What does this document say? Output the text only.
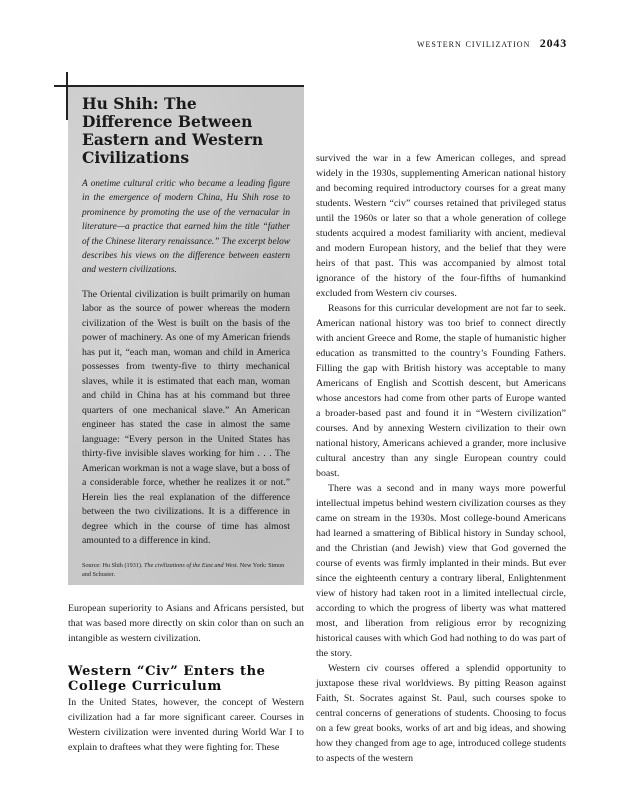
western civilization 2043
Hu Shih: The Difference Between Eastern and Western Civilizations

A onetime cultural critic who became a leading figure in the emergence of modern China, Hu Shih rose to prominence by promoting the use of the vernacular in literature—a practice that earned him the title “father of the Chinese literary renaissance.” The excerpt below describes his views on the difference between eastern and western civilizations.

The Oriental civilization is built primarily on human labor as the source of power whereas the modern civilization of the West is built on the basis of the power of machinery. As one of my American friends has put it, “each man, woman and child in America possesses from twenty-five to thirty mechanical slaves, while it is estimated that each man, woman and child in China has at his command but three quarters of one mechanical slave.” An American engineer has stated the case in almost the same language: “Every person in the United States has thirty-five invisible slaves working for him . . . The American workman is not a wage slave, but a boss of a considerable force, whether he realizes it or not.” Herein lies the real explanation of the difference between the two civilizations. It is a difference in degree which in the course of time has almost amounted to a difference in kind.

Source: Hu Shih (1931). The civilizations of the East and West. New York: Simon and Schuster.

European superiority to Asians and Africans persisted, but that was based more directly on skin color than on such an intangible as western civilization.

Western “Civ” Enters the College Curriculum

In the United States, however, the concept of Western civilization had a far more significant career. Courses in Western civilization were invented during World War I to explain to draftees what they were fighting for. These

survived the war in a few American colleges, and spread widely in the 1930s, supplementing American national history and becoming required introductory courses for a great many students. Western “civ” courses retained that privileged status until the 1960s or later so that a whole generation of college students acquired a modest familiarity with ancient, medieval and modern European history, and the belief that they were heirs of that past. This was accompanied by almost total ignorance of the history of the four-fifths of humankind excluded from Western civ courses.

Reasons for this curricular development are not far to seek. American national history was too brief to connect directly with ancient Greece and Rome, the staple of humanistic higher education as transmitted to the country’s Founding Fathers. Filling the gap with British history was acceptable to many Americans of English and Scottish descent, but Americans whose ancestors had come from other parts of Europe wanted a broader-based past and found it in “Western civilization” courses. And by annexing Western civilization to their own national history, Americans achieved a grander, more inclusive cultural ancestry than any single European country could boast.

There was a second and in many ways more powerful intellectual impetus behind western civilization courses as they came on stream in the 1930s. Most college-bound Americans had learned a smattering of Biblical history in Sunday school, and the Christian (and Jewish) view that God governed the course of events was firmly implanted in their minds. But ever since the eighteenth century a contrary liberal, Enlightenment view of history had taken root in a limited intellectual circle, according to which the progress of liberty was what mattered most, and liberation from religious error by recognizing historical causes with which God had nothing to do was part of the story.

Western civ courses offered a splendid opportunity to juxtapose these rival worldviews. By pitting Reason against Faith, St. Socrates against St. Paul, such courses spoke to central concerns of generations of students. Choosing to focus on a few great books, works of art and big ideas, and showing how they changed from age to age, introduced college students to aspects of the western
